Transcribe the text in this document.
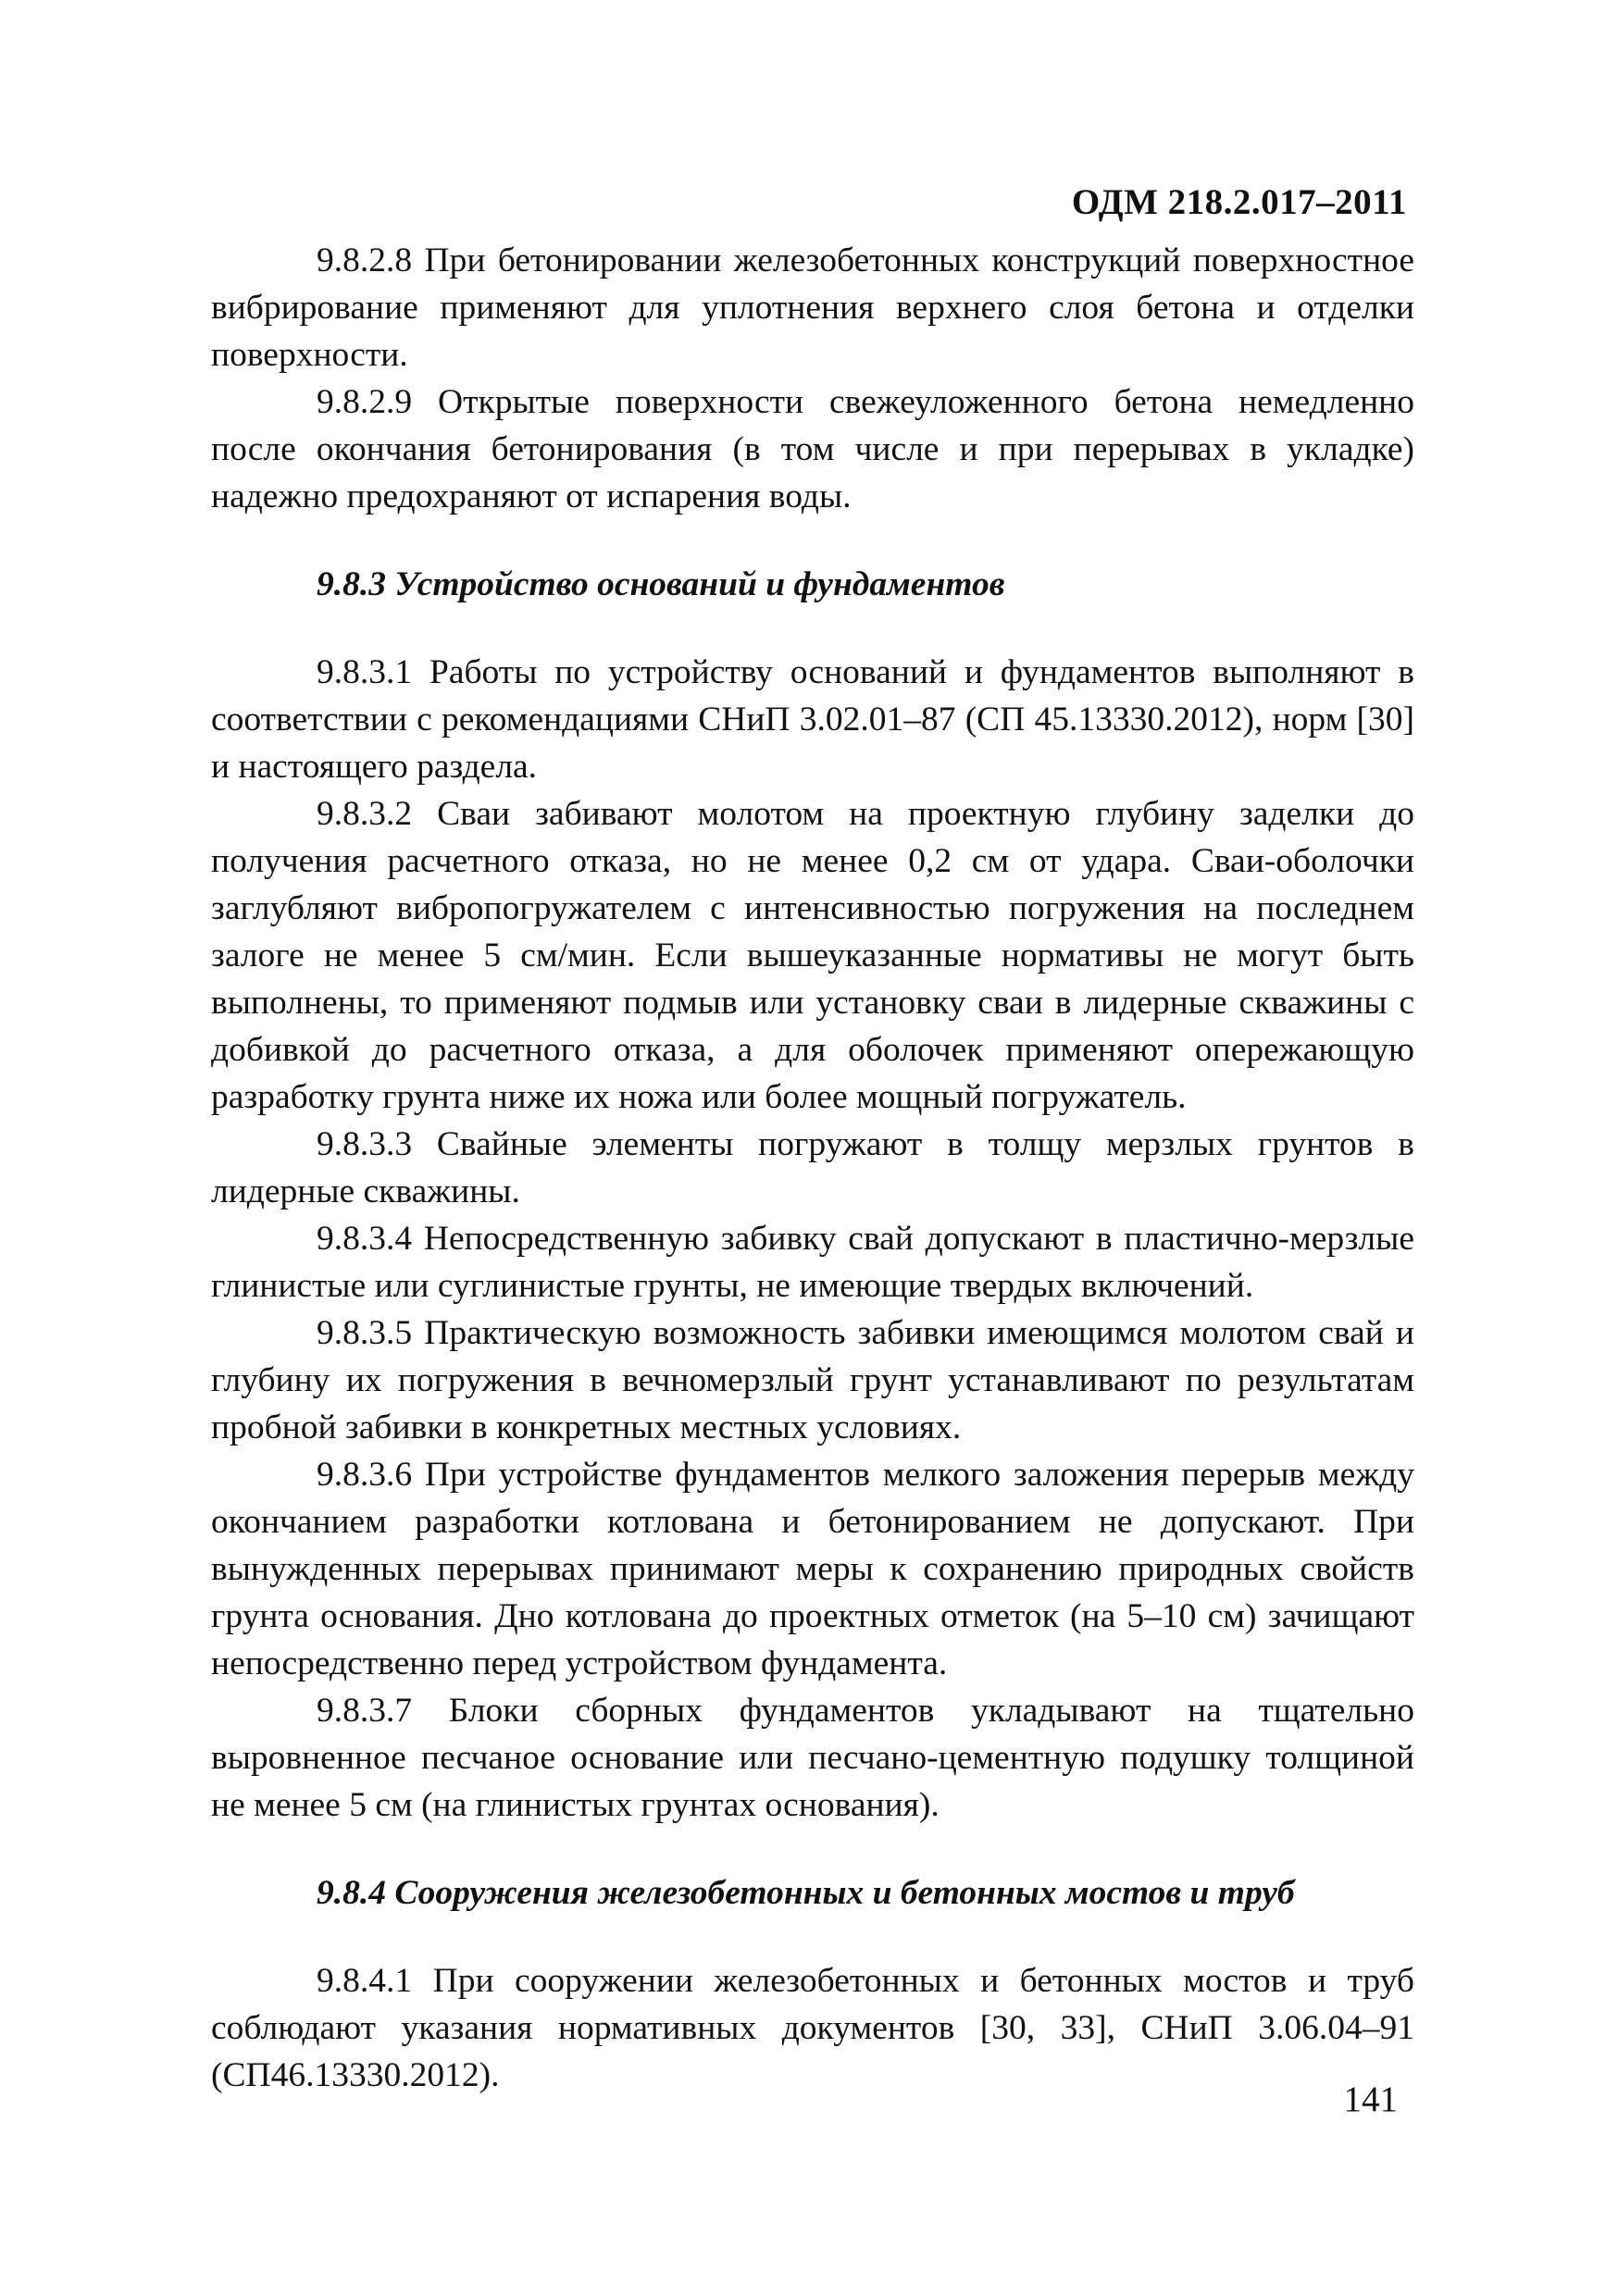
ОДМ 218.2.017–2011

9.8.2.8 При бетонировании железобетонных конструкций поверхностное вибрирование применяют для уплотнения верхнего слоя бетона и отделки поверхности.

9.8.2.9 Открытые поверхности свежеуложенного бетона немедленно после окончания бетонирования (в том числе и при перерывах в укладке) надежно предохраняют от испарения воды.

9.8.3 Устройство оснований и фундаментов

9.8.3.1 Работы по устройству оснований и фундаментов выполняют в соответствии с рекомендациями СНиП 3.02.01–87 (СП 45.13330.2012), норм [30] и настоящего раздела.

9.8.3.2 Сваи забивают молотом на проектную глубину заделки до получения расчетного отказа, но не менее 0,2 см от удара. Сваи-оболочки заглубляют вибропогружателем с интенсивностью погружения на последнем залоге не менее 5 см/мин. Если вышеуказанные нормативы не могут быть выполнены, то применяют подмыв или установку сваи в лидерные скважины с добивкой до расчетного отказа, а для оболочек применяют опережающую разработку грунта ниже их ножа или более мощный погружатель.

9.8.3.3 Свайные элементы погружают в толщу мерзлых грунтов в лидерные скважины.

9.8.3.4 Непосредственную забивку свай допускают в пластично-мерзлые глинистые или суглинистые грунты, не имеющие твердых включений.

9.8.3.5 Практическую возможность забивки имеющимся молотом свай и глубину их погружения в вечномерзлый грунт устанавливают по результатам пробной забивки в конкретных местных условиях.

9.8.3.6 При устройстве фундаментов мелкого заложения перерыв между окончанием разработки котлована и бетонированием не допускают. При вынужденных перерывах принимают меры к сохранению природных свойств грунта основания. Дно котлована до проектных отметок (на 5–10 см) зачищают непосредственно перед устройством фундамента.

9.8.3.7 Блоки сборных фундаментов укладывают на тщательно выровненное песчаное основание или песчано-цементную подушку толщиной не менее 5 см (на глинистых грунтах основания).

9.8.4 Сооружения железобетонных и бетонных мостов и труб

9.8.4.1 При сооружении железобетонных и бетонных мостов и труб соблюдают указания нормативных документов [30, 33], СНиП 3.06.04–91 (СП46.13330.2012).

141
